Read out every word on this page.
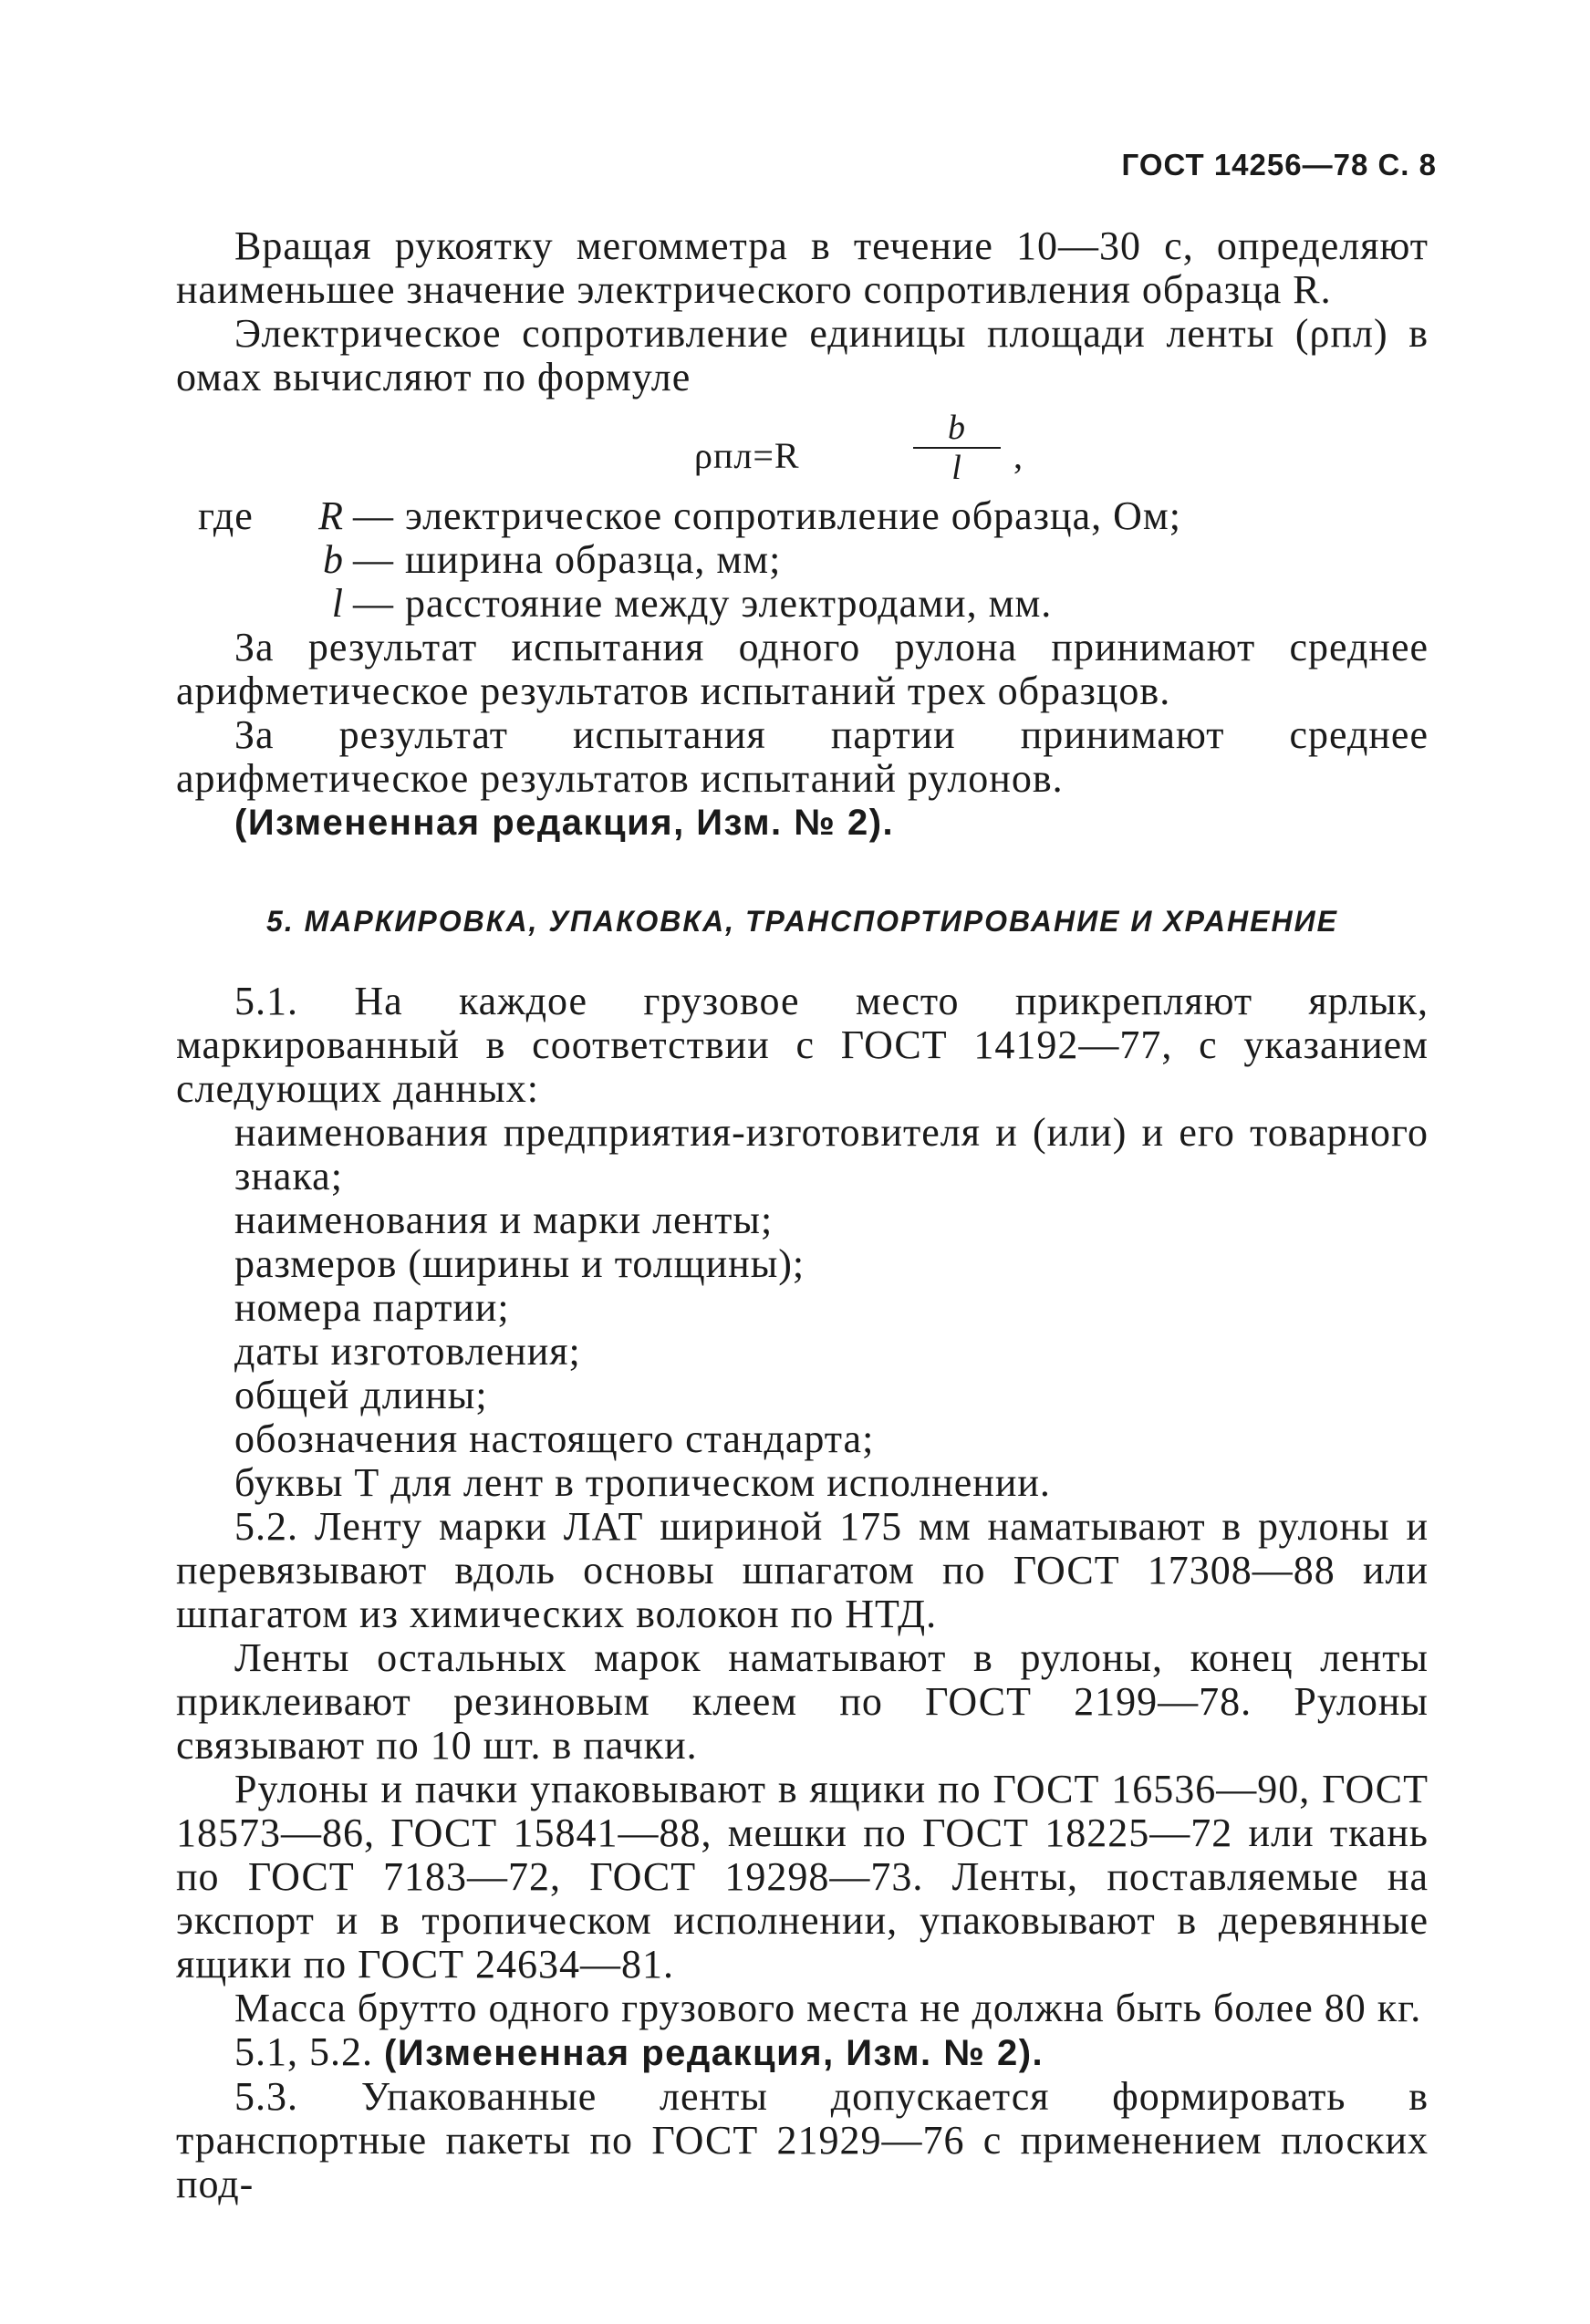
ГОСТ 14256—78 С. 8

Вращая рукоятку мегомметра в течение 10—30 с, определяют наименьшее значение электрического сопротивления образца R.

Электрическое сопротивление единицы площади ленты (ρпл) в омах вычисляют по формуле

ρпл=R
b
l	,
где	R — электрическое сопротивление образца, Ом;
b — ширина образца, мм;
l — расстояние между электродами, мм.

За результат испытания одного рулона принимают среднее арифметическое результатов испытаний трех образцов.

За результат испытания партии принимают среднее арифметическое результатов испытаний рулонов.

(Измененная редакция, Изм. № 2).

5. МАРКИРОВКА, УПАКОВКА, ТРАНСПОРТИРОВАНИЕ И ХРАНЕНИЕ

5.1. На каждое грузовое место прикрепляют ярлык, маркированный в соответствии с ГОСТ 14192—77, с указанием следующих данных:

наименования предприятия-изготовителя и (или) и его товарного знака;

наименования и марки ленты;

размеров (ширины и толщины);

номера партии;

даты изготовления;

общей длины;

обозначения настоящего стандарта;

буквы Т для лент в тропическом исполнении.

5.2. Ленту марки ЛАТ шириной 175 мм наматывают в рулоны и перевязывают вдоль основы шпагатом по ГОСТ 17308—88 или шпагатом из химических волокон по НТД.

Ленты остальных марок наматывают в рулоны, конец ленты приклеивают резиновым клеем по ГОСТ 2199—78. Рулоны связывают по 10 шт. в пачки.

Рулоны и пачки упаковывают в ящики по ГОСТ 16536—90, ГОСТ 18573—86, ГОСТ 15841—88, мешки по ГОСТ 18225—72 или ткань по ГОСТ 7183—72, ГОСТ 19298—73. Ленты, поставляемые на экспорт и в тропическом исполнении, упаковывают в деревянные ящики по ГОСТ 24634—81.

Масса брутто одного грузового места не должна быть более 80 кг.

5.1, 5.2. (Измененная редакция, Изм. № 2).

5.3. Упакованные ленты допускается формировать в транспортные пакеты по ГОСТ 21929—76 с применением плоских под-
